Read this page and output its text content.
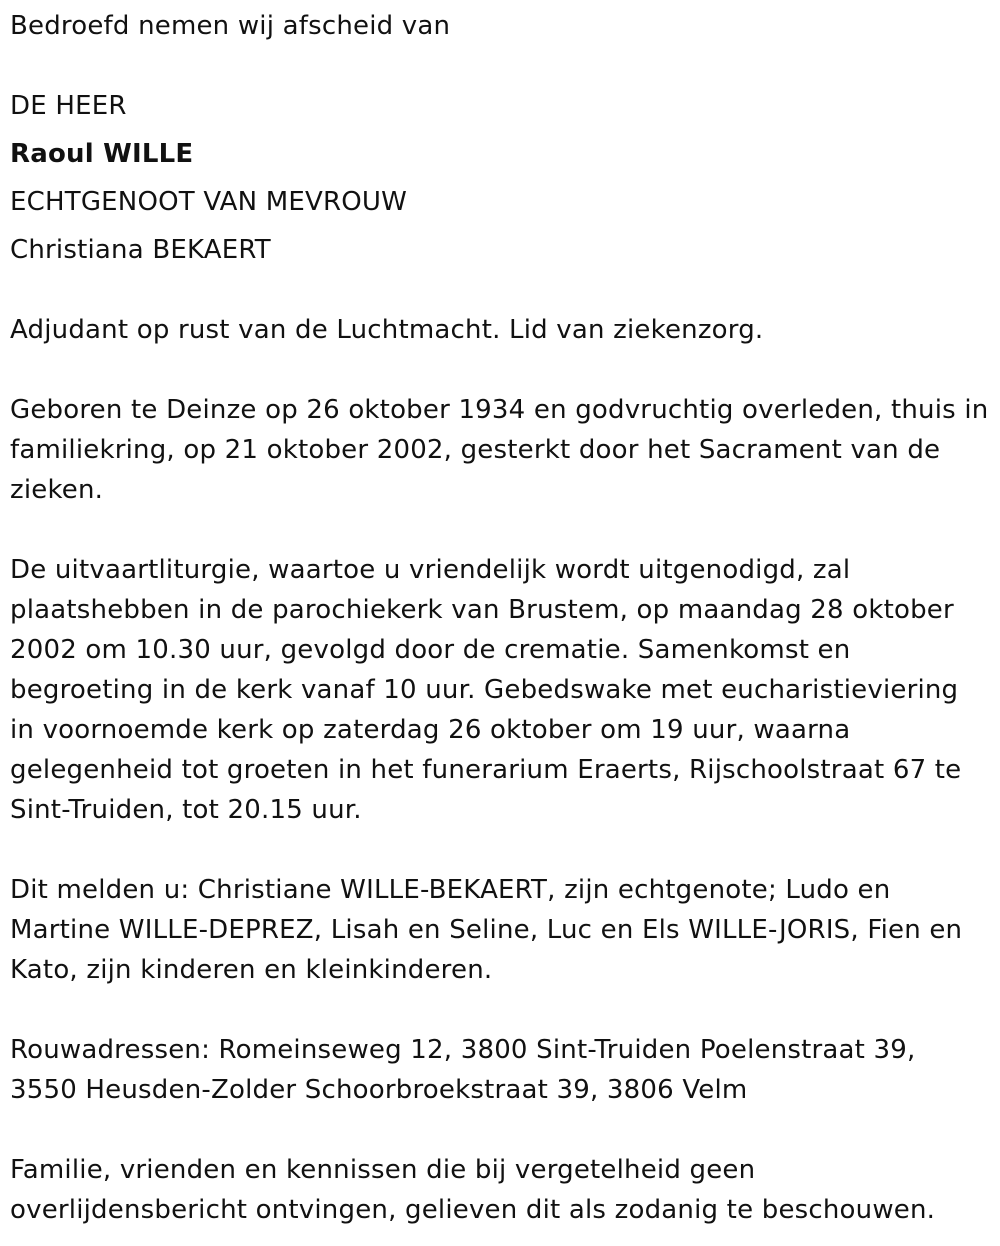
Bedroefd nemen wij afscheid van
DE HEER
Raoul WILLE
ECHTGENOOT VAN MEVROUW
Christiana BEKAERT
Adjudant op rust van de Luchtmacht. Lid van ziekenzorg.
Geboren te Deinze op 26 oktober 1934 en godvruchtig overleden, thuis in
familiekring, op 21 oktober 2002, gesterkt door het Sacrament van de
zieken.
De uitvaartliturgie, waartoe u vriendelijk wordt uitgenodigd, zal
plaatshebben in de parochiekerk van Brustem, op maandag 28 oktober
2002 om 10.30 uur, gevolgd door de crematie. Samenkomst en
begroeting in de kerk vanaf 10 uur. Gebedswake met eucharistieviering
in voornoemde kerk op zaterdag 26 oktober om 19 uur, waarna
gelegenheid tot groeten in het funerarium Eraerts, Rijschoolstraat 67 te
Sint-Truiden, tot 20.15 uur.
Dit melden u: Christiane WILLE-BEKAERT, zijn echtgenote; Ludo en
Martine WILLE-DEPREZ, Lisah en Seline, Luc en Els WILLE-JORIS, Fien en
Kato, zijn kinderen en kleinkinderen.
Rouwadressen: Romeinseweg 12, 3800 Sint-Truiden Poelenstraat 39,
3550 Heusden-Zolder Schoorbroekstraat 39, 3806 Velm
Familie, vrienden en kennissen die bij vergetelheid geen
overlijdensbericht ontvingen, gelieven dit als zodanig te beschouwen.
